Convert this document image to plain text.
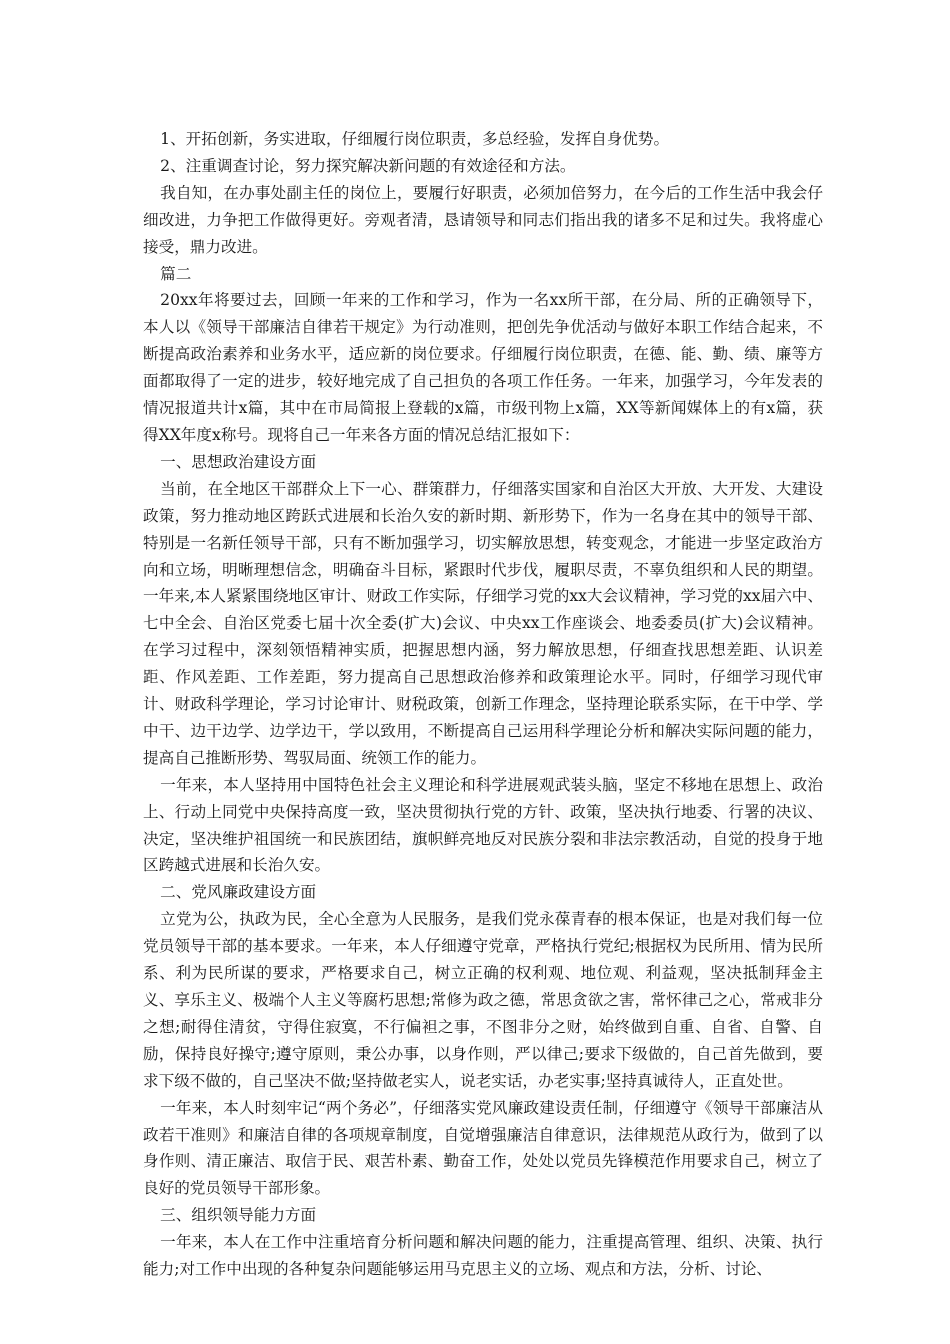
1、开拓创新，务实进取，仔细履行岗位职责，多总经验，发挥自身优势。

2、注重调查讨论，努力探究解决新问题的有效途径和方法。

我自知，在办事处副主任的岗位上，要履行好职责，必须加倍努力，在今后的工作生活中我会仔细改进，力争把工作做得更好。旁观者清，恳请领导和同志们指出我的诸多不足和过失。我将虚心接受，鼎力改进。

篇二

20xx年将要过去，回顾一年来的工作和学习，作为一名xx所干部，在分局、所的正确领导下，本人以《领导干部廉洁自律若干规定》为行动准则，把创先争优活动与做好本职工作结合起来，不断提高政治素养和业务水平，适应新的岗位要求。仔细履行岗位职责，在德、能、勤、绩、廉等方面都取得了一定的进步，较好地完成了自己担负的各项工作任务。一年来，加强学习，今年发表的情况报道共计x篇，其中在市局简报上登载的x篇，市级刊物上x篇，XX等新闻媒体上的有x篇，获得XX年度x称号。现将自己一年来各方面的情况总结汇报如下：

一、思想政治建设方面

当前，在全地区干部群众上下一心、群策群力，仔细落实国家和自治区大开放、大开发、大建设政策，努力推动地区跨跃式进展和长治久安的新时期、新形势下，作为一名身在其中的领导干部、特别是一名新任领导干部，只有不断加强学习，切实解放思想，转变观念，才能进一步坚定政治方向和立场，明晰理想信念，明确奋斗目标，紧跟时代步伐，履职尽责，不辜负组织和人民的期望。一年来,本人紧紧围绕地区审计、财政工作实际，仔细学习党的xx大会议精神，学习党的xx届六中、七中全会、自治区党委七届十次全委(扩大)会议、中央xx工作座谈会、地委委员(扩大)会议精神。在学习过程中，深刻领悟精神实质，把握思想内涵，努力解放思想，仔细查找思想差距、认识差距、作风差距、工作差距，努力提高自己思想政治修养和政策理论水平。同时，仔细学习现代审计、财政科学理论，学习讨论审计、财税政策，创新工作理念，坚持理论联系实际，在干中学、学中干、边干边学、边学边干，学以致用，不断提高自己运用科学理论分析和解决实际问题的能力，提高自己推断形势、驾驭局面、统领工作的能力。

一年来，本人坚持用中国特色社会主义理论和科学进展观武装头脑，坚定不移地在思想上、政治上、行动上同党中央保持高度一致，坚决贯彻执行党的方针、政策，坚决执行地委、行署的决议、决定，坚决维护祖国统一和民族团结，旗帜鲜亮地反对民族分裂和非法宗教活动，自觉的投身于地区跨越式进展和长治久安。

二、党风廉政建设方面

立党为公，执政为民，全心全意为人民服务，是我们党永葆青春的根本保证，也是对我们每一位党员领导干部的基本要求。一年来，本人仔细遵守党章，严格执行党纪;根据权为民所用、情为民所系、利为民所谋的要求，严格要求自己，树立正确的权利观、地位观、利益观，坚决抵制拜金主义、享乐主义、极端个人主义等腐朽思想;常修为政之德，常思贪欲之害，常怀律己之心，常戒非分之想;耐得住清贫，守得住寂寞，不行偏袒之事，不图非分之财，始终做到自重、自省、自警、自励，保持良好操守;遵守原则，秉公办事，以身作则，严以律己;要求下级做的，自己首先做到，要求下级不做的，自己坚决不做;坚持做老实人，说老实话，办老实事;坚持真诚待人，正直处世。

一年来，本人时刻牢记“两个务必”，仔细落实党风廉政建设责任制，仔细遵守《领导干部廉洁从政若干准则》和廉洁自律的各项规章制度，自觉增强廉洁自律意识，法律规范从政行为，做到了以身作则、清正廉洁、取信于民、艰苦朴素、勤奋工作，处处以党员先锋模范作用要求自己，树立了良好的党员领导干部形象。

三、组织领导能力方面

一年来，本人在工作中注重培育分析问题和解决问题的能力，注重提高管理、组织、决策、执行能力;对工作中出现的各种复杂问题能够运用马克思主义的立场、观点和方法，分析、讨论、
